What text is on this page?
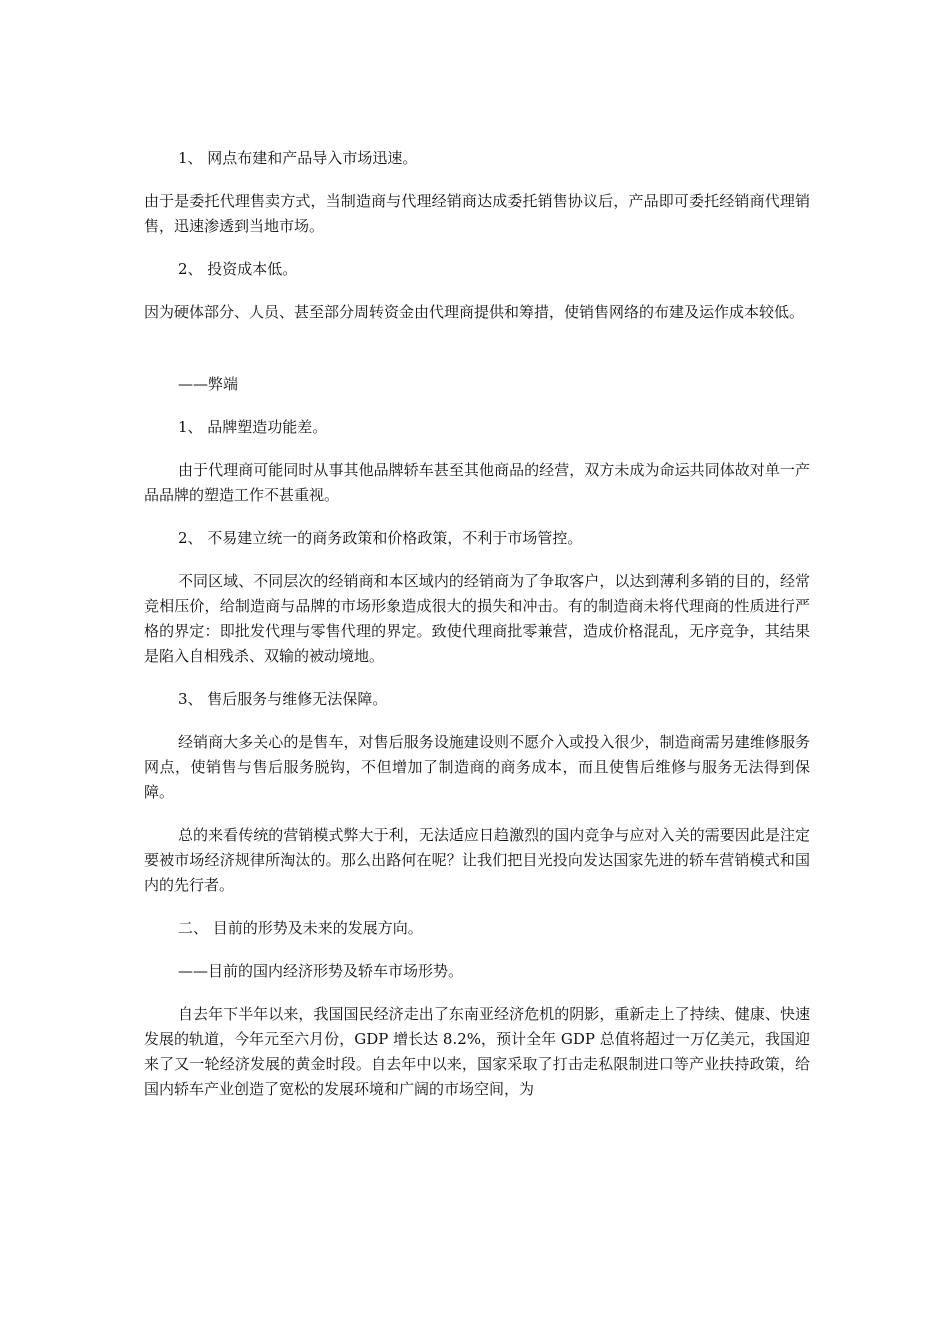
1、 网点布建和产品导入市场迅速。

由于是委托代理售卖方式，当制造商与代理经销商达成委托销售协议后，产品即可委托经销商代理销售，迅速渗透到当地市场。

2、 投资成本低。

因为硬体部分、人员、甚至部分周转资金由代理商提供和筹措，使销售网络的布建及运作成本较低。

——弊端

1、 品牌塑造功能差。

由于代理商可能同时从事其他品牌轿车甚至其他商品的经营，双方未成为命运共同体故对单一产品品牌的塑造工作不甚重视。

2、 不易建立统一的商务政策和价格政策，不利于市场管控。

不同区域、不同层次的经销商和本区域内的经销商为了争取客户，以达到薄利多销的目的，经常竞相压价，给制造商与品牌的市场形象造成很大的损失和冲击。有的制造商未将代理商的性质进行严格的界定：即批发代理与零售代理的界定。致使代理商批零兼营，造成价格混乱，无序竞争，其结果是陷入自相残杀、双输的被动境地。

3、 售后服务与维修无法保障。

经销商大多关心的是售车，对售后服务设施建设则不愿介入或投入很少，制造商需另建维修服务网点，使销售与售后服务脱钩，不但增加了制造商的商务成本，而且使售后维修与服务无法得到保障。

总的来看传统的营销模式弊大于利，无法适应日趋激烈的国内竞争与应对入关的需要因此是注定要被市场经济规律所淘汰的。那么出路何在呢？让我们把目光投向发达国家先进的轿车营销模式和国内的先行者。

二、 目前的形势及未来的发展方向。

——目前的国内经济形势及轿车市场形势。

自去年下半年以来，我国国民经济走出了东南亚经济危机的阴影，重新走上了持续、健康、快速发展的轨道，今年元至六月份，GDP 增长达 8.2%，预计全年 GDP 总值将超过一万亿美元，我国迎来了又一轮经济发展的黄金时段。自去年中以来，国家采取了打击走私限制进口等产业扶持政策，给国内轿车产业创造了宽松的发展环境和广阔的市场空间，为
